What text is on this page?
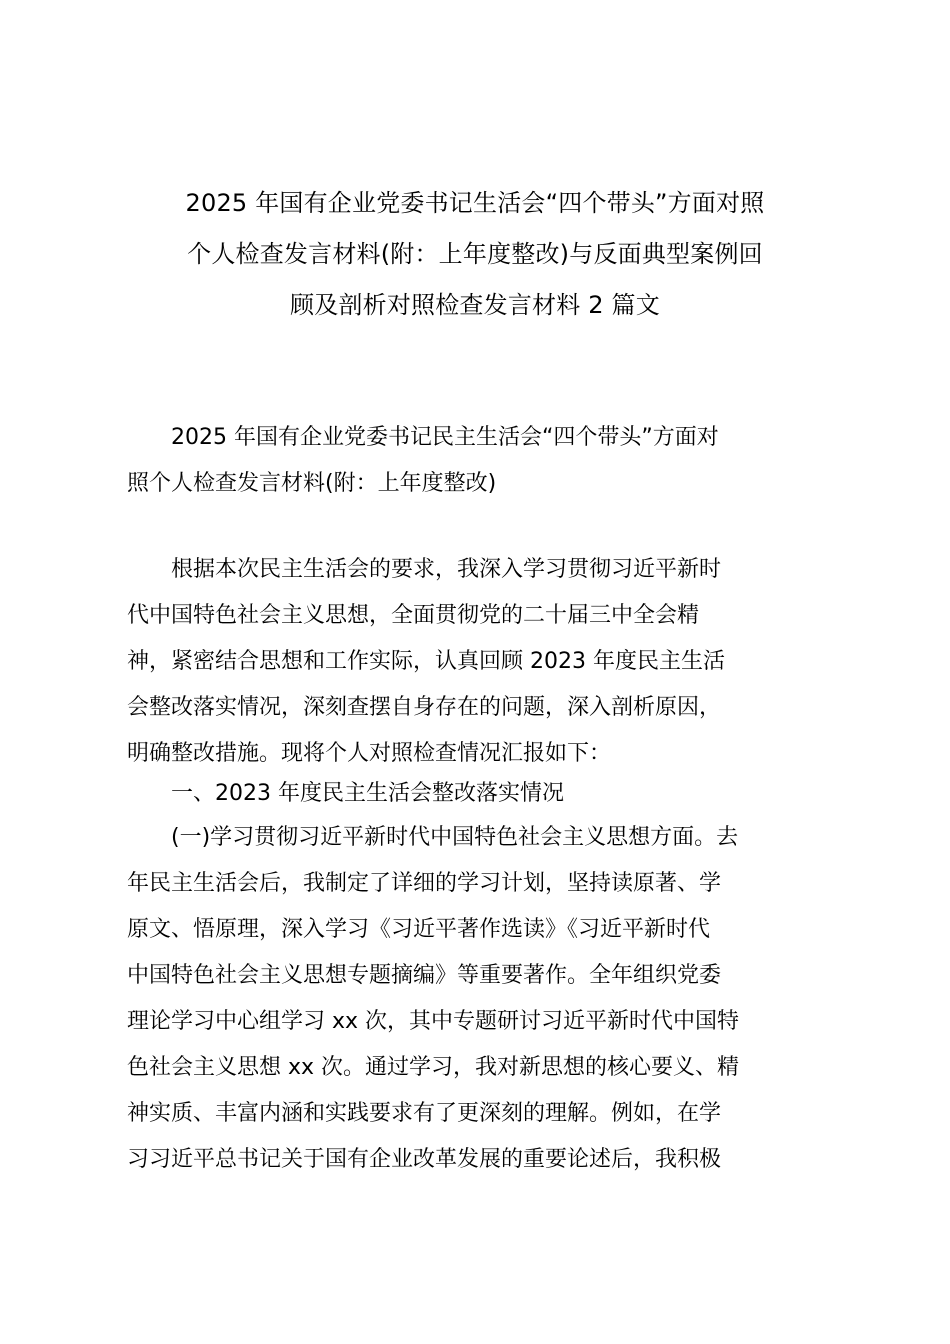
2025 年国有企业党委书记生活会“四个带头”方面对照
个人检查发言材料(附：上年度整改)与反面典型案例回
顾及剖析对照检查发言材料 2 篇文
　　2025 年国有企业党委书记民主生活会“四个带头”方面对
照个人检查发言材料(附：上年度整改)
　　根据本次民主生活会的要求，我深入学习贯彻习近平新时
代中国特色社会主义思想，全面贯彻党的二十届三中全会精
神，紧密结合思想和工作实际，认真回顾 2023 年度民主生活
会整改落实情况，深刻查摆自身存在的问题，深入剖析原因，
明确整改措施。现将个人对照检查情况汇报如下：
　　一、2023 年度民主生活会整改落实情况
　　(一)学习贯彻习近平新时代中国特色社会主义思想方面。去
年民主生活会后，我制定了详细的学习计划，坚持读原著、学
原文、悟原理，深入学习《习近平著作选读》《习近平新时代
中国特色社会主义思想专题摘编》等重要著作。全年组织党委
理论学习中心组学习 xx 次，其中专题研讨习近平新时代中国特
色社会主义思想 xx 次。通过学习，我对新思想的核心要义、精
神实质、丰富内涵和实践要求有了更深刻的理解。例如，在学
习习近平总书记关于国有企业改革发展的重要论述后，我积极
